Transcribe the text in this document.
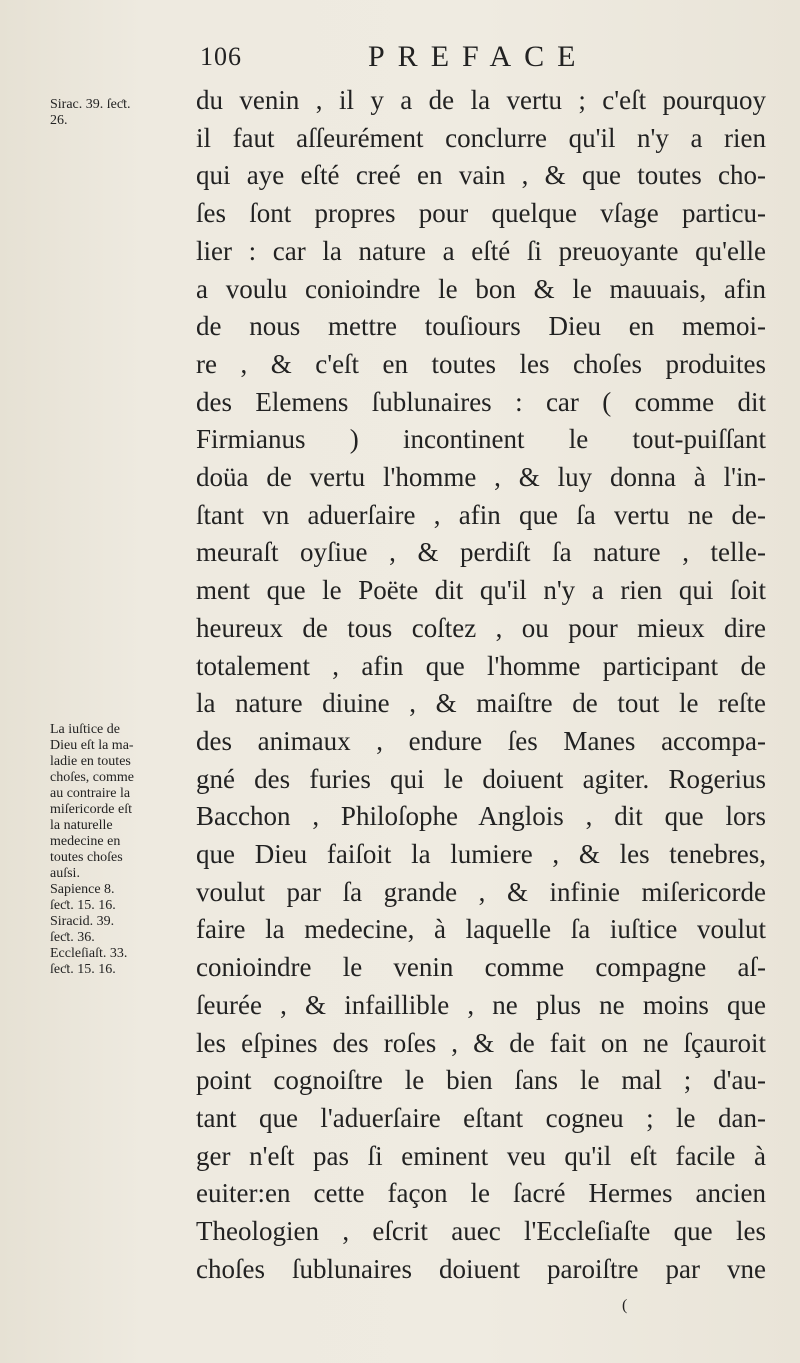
106	PREFACE
Sirac. 39. ſeƈt.
26.
La iuſtice de
Dieu eſt la ma-
ladie en toutes
choſes, comme
au contraire la
miſericorde eſt
la naturelle
medecine en
toutes choſes
auſsi.
Sapience 8.
ſeƈt. 15. 16.
Siracid. 39.
ſeƈt. 36.
Eccleſiaſt. 33.
ſeƈt. 15. 16.
du venin , il y a de la vertu ; c'eſt pourquoy
il faut aſſeurément conclurre qu'il n'y a rien
qui aye eſté creé en vain , & que toutes cho-
ſes ſont propres pour quelque vſage particu-
lier : car la nature a eſté ſi preuoyante qu'elle
a voulu conioindre le bon & le mauuais, afin
de nous mettre touſiours Dieu en memoi-
re , & c'eſt en toutes les choſes produites
des Elemens ſublunaires : car ( comme dit
Firmianus ) incontinent le tout-puiſſant
doüa de vertu l'homme , & luy donna à l'in-
ſtant vn aduerſaire , afin que ſa vertu ne de-
meuraſt oyſiue , & perdiſt ſa nature , telle-
ment que le Poëte dit qu'il n'y a rien qui ſoit
heureux de tous coſtez , ou pour mieux dire
totalement , afin que l'homme participant de
la nature diuine , & maiſtre de tout le reſte
des animaux , endure ſes Manes accompa-
gné des furies qui le doiuent agiter. Rogerius
Bacchon , Philoſophe Anglois , dit que lors
que Dieu faiſoit la lumiere , & les tenebres,
voulut par ſa grande , & infinie miſericorde
faire la medecine, à laquelle ſa iuſtice voulut
conioindre le venin comme compagne aſ-
ſeurée , & infaillible , ne plus ne moins que
les eſpines des roſes , & de fait on ne ſçauroit
point cognoiſtre le bien ſans le mal ; d'au-
tant que l'aduerſaire eſtant cogneu ; le dan-
ger n'eſt pas ſi eminent veu qu'il eſt facile à
euiter:en cette façon le ſacré Hermes ancien
Theologien , eſcrit auec l'Eccleſiaſte que les
choſes ſublunaires doiuent paroiſtre par vne
(
